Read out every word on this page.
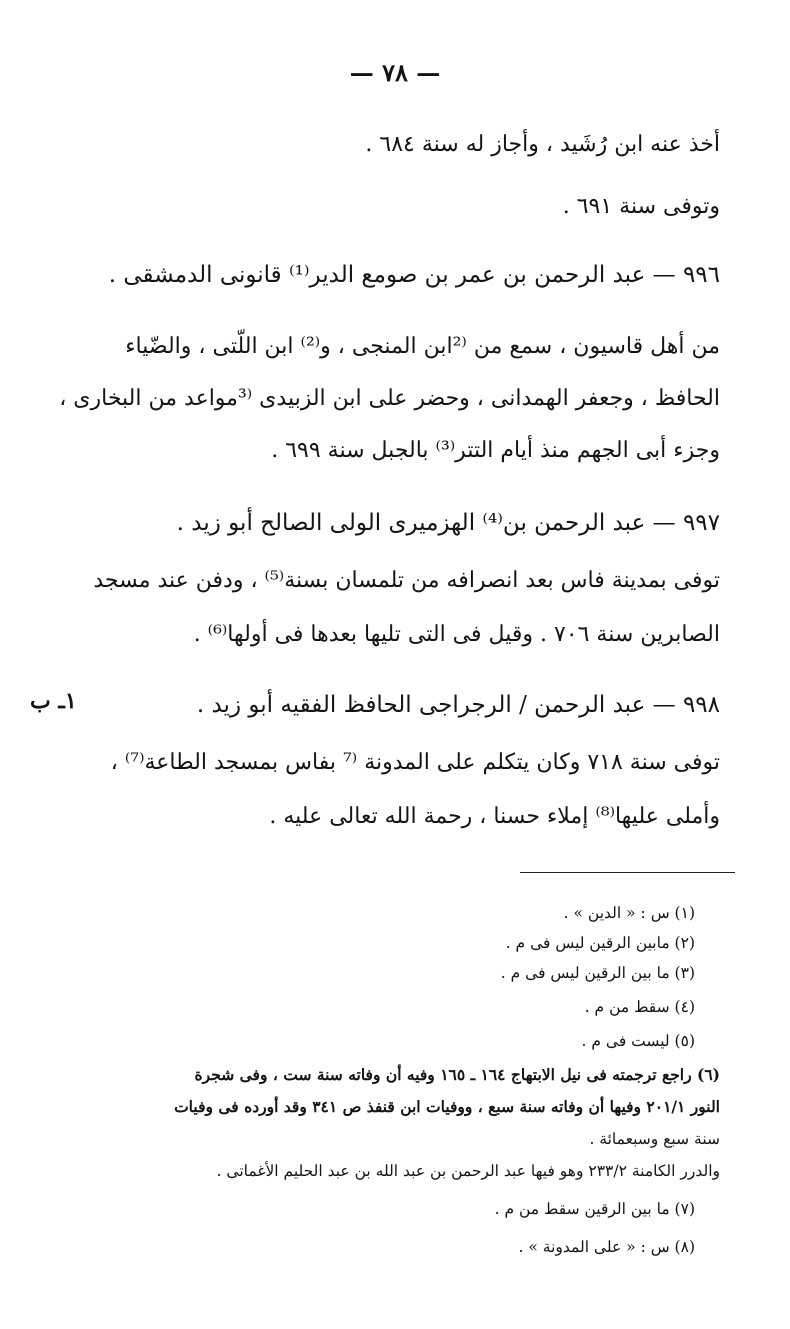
— ٧٨ —
أخذ عنه ابن رُشَيد ، وأجاز له سنة ٦٨٤ .
وتوفى سنة ٦٩١ .
٩٩٦ — عبد الرحمن بن عمر بن صومع الدير⁽¹⁾ قانونى الدمشقى .
من أهل قاسيون ، سمع من ⁽²ابن المنجى ، و⁽²⁾ ابن اللّتى ، والضّياء
الحافظ ، وجعفر الهمدانى ، وحضر على ابن الزبيدى ⁽³مواعد من البخارى ،
وجزء أبى الجهم منذ أيام التتر⁽³⁾ بالجبل سنة ٦٩٩ .
٩٩٧ — عبد الرحمن بن⁽⁴⁾ الهزميرى الولى الصالح أبو زيد .
توفى بمدينة فاس بعد انصرافه من تلمسان بسنة⁽⁵⁾ ، ودفن عند مسجد
الصابرين سنة ٧٠٦ . وقيل فى التى تليها بعدها فى أولها⁽⁶⁾ .
١ـ ب	٩٩٨ — عبد الرحمن / الرجراجى الحافظ الفقيه أبو زيد .
توفى سنة ٧١٨ وكان يتكلم على المدونة ⁽⁷ بفاس بمسجد الطاعة⁽⁷⁾ ،
وأملى عليها⁽⁸⁾ إملاء حسنا ، رحمة الله تعالى عليه .
(١) س : « الدين » .
(٢) مابين الرقين ليس فى م .
(٣) ما بين الرقين ليس فى م .
(٤) سقط من م .
(٥) ليست فى م .
(٦) راجع ترجمته فى نيل الابتهاج ١٦٤ ـ ١٦٥ وفيه أن وفاته سنة ست ، وفى شجرة
النور ٢٠١/١ وفيها أن وفاته سنة سبع ، ووفيات ابن قنفذ ص ٣٤١ وقد أورده فى وفيات
سنة سبع وسبعمائة .
والدرر الكامنة ٢٣٣/٢ وهو فيها عبد الرحمن بن عبد الله بن عبد الحليم الأغماتى .
(٧) ما بين الرقين سقط من م .
(٨) س : « على المدونة » .
